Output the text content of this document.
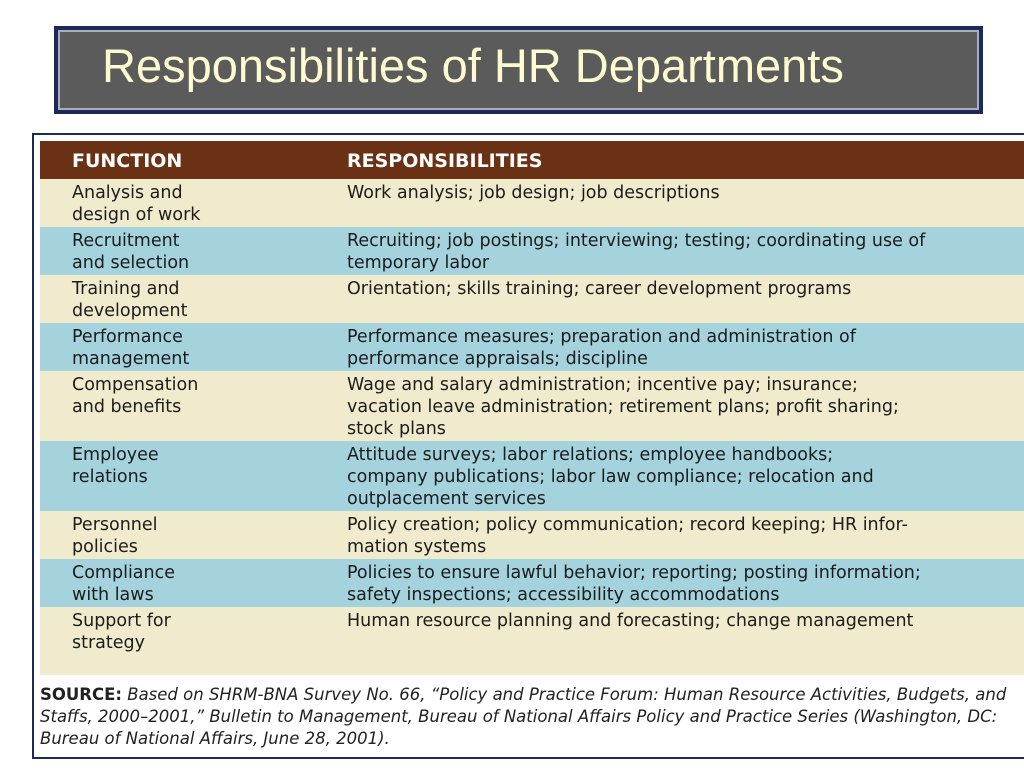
Responsibilities of HR Departments
FUNCTION	RESPONSIBILITIES
Analysis and
design of work
Work analysis; job design; job descriptions
Recruitment
and selection
Recruiting; job postings; interviewing; testing; coordinating use of
temporary labor
Training and
development
Orientation; skills training; career development programs
Performance
management
Performance measures; preparation and administration of
performance appraisals; discipline
Compensation
and benefits
Wage and salary administration; incentive pay; insurance;
vacation leave administration; retirement plans; profit sharing;
stock plans
Employee
relations
Attitude surveys; labor relations; employee handbooks;
company publications; labor law compliance; relocation and
outplacement services
Personnel
policies
Policy creation; policy communication; record keeping; HR infor-
mation systems
Compliance
with laws
Policies to ensure lawful behavior; reporting; posting information;
safety inspections; accessibility accommodations
Support for
strategy
Human resource planning and forecasting; change management
SOURCE: Based on SHRM-BNA Survey No. 66, “Policy and Practice Forum: Human Resource Activities, Budgets, and Staffs, 2000–2001,” Bulletin to Management, Bureau of National Affairs Policy and Practice Series (Washington, DC: Bureau of National Affairs, June 28, 2001).
